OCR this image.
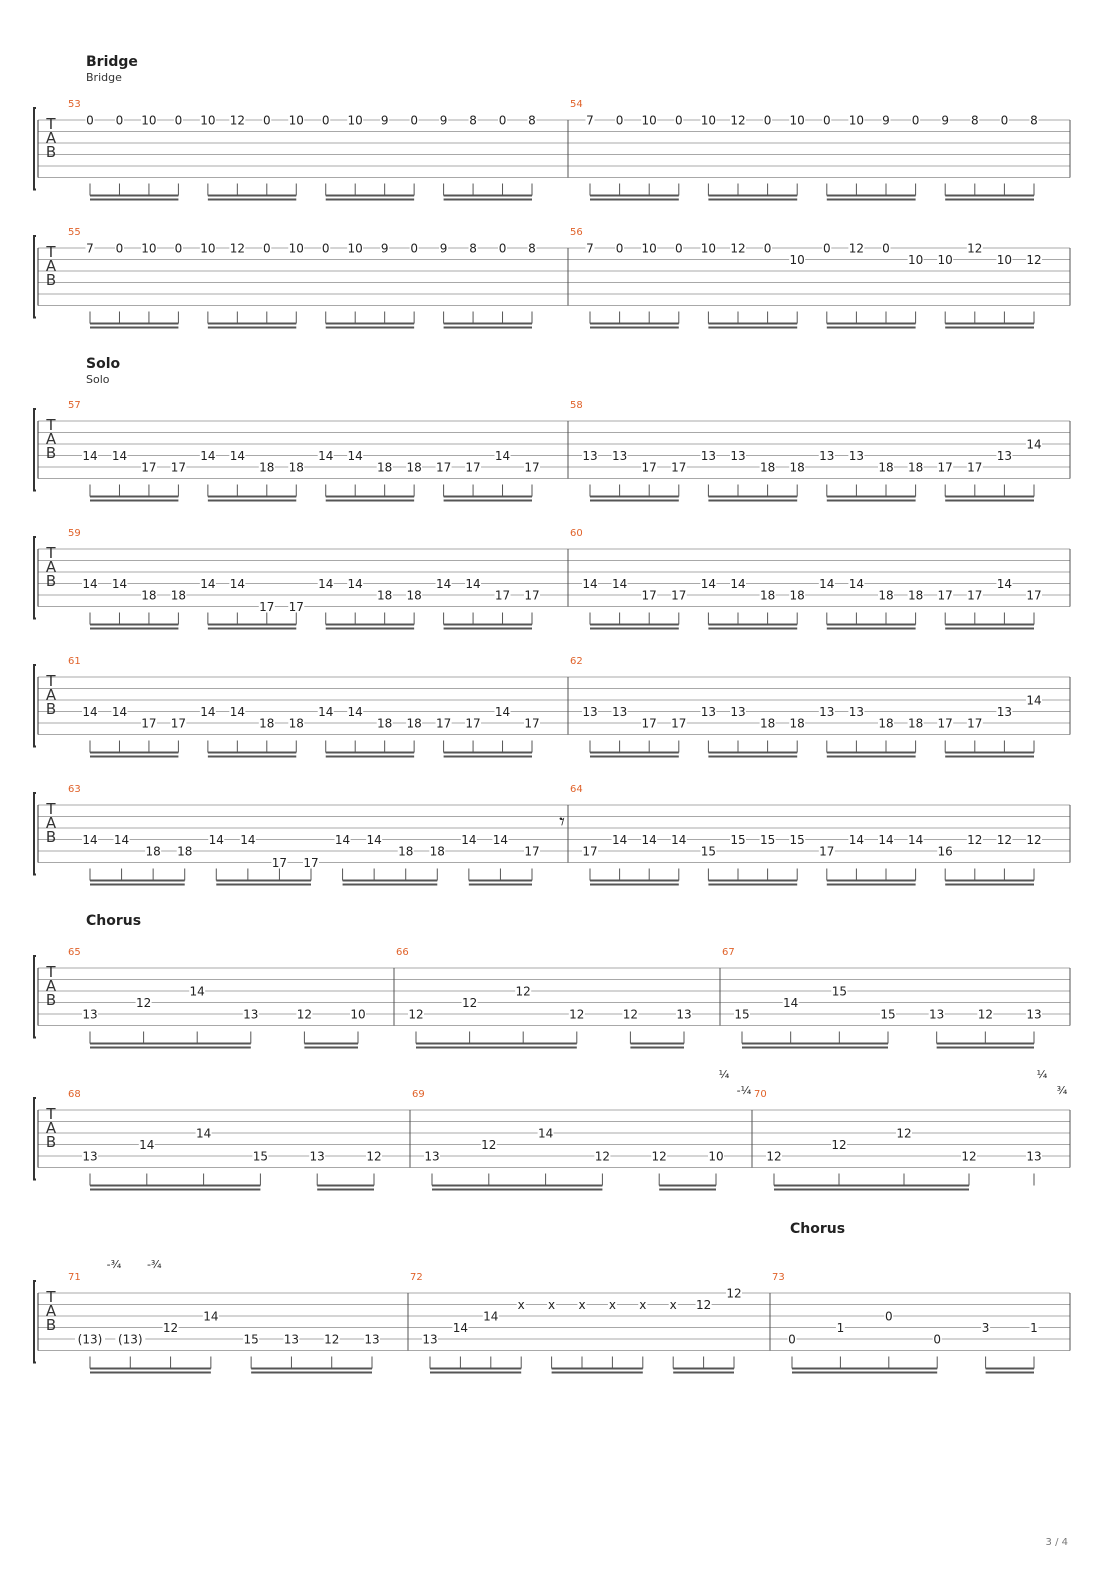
Bridge
Bridge
Solo
Solo
Chorus
Chorus
T
A
B
53
0 0 10 0 10 12 0 10 0 10 9 0 9 8 0 8
54
7 0 10 0 10 12 0 10 0 10 9 0 9 8 0 8
T
A
B
55
7 0 10 0 10 12 0 10 0 10 9 0 9 8 0 8
56
7 0 10 0 10 12 0
10
0 12 0
10 10
12
10 12
T
A
B
57
14 14
17 17
14 14
18 18
14 14
18 18 17 17
14
17
58
13 13
17 17
13 13
18 18
13 13
18 18 17 17
13
14
T
A
B
59
14 14
18 18
14 14
17 17
14 14
18 18
14 14
17 17
60
14 14
17 17
14 14
18 18
14 14
18 18 17 17
14
17
T
A
B
61
14 14
17 17
14 14
18 18
14 14
18 18 17 17
14
17
62
13 13
17 17
13 13
18 18
13 13
18 18 17 17
13
14
T
A
B
63
14 14
18 18
14 14
17 17
14 14
18 18
14 14
17
𝄾
64
17
14 14 14
15
15 15 15
17
14 14 14
16
12 12 12
T
A
B
65
13
12
14
13	12	10
66
12
12
12
12	12	13
67
15
14
15
15	13	12	13
T
A
B
68
13
14
14
15	13	12
69
13
12
14
12	12	10
¼
-¼ 70
12
12
12
12	13
¼
¾
T
A
B
71
(13) (13)
12
14
15 13 12 13
-¾ -¾
72
13
14
14
x x x x x x 12
12
73
0
1
0
0
3	1
3 / 4
